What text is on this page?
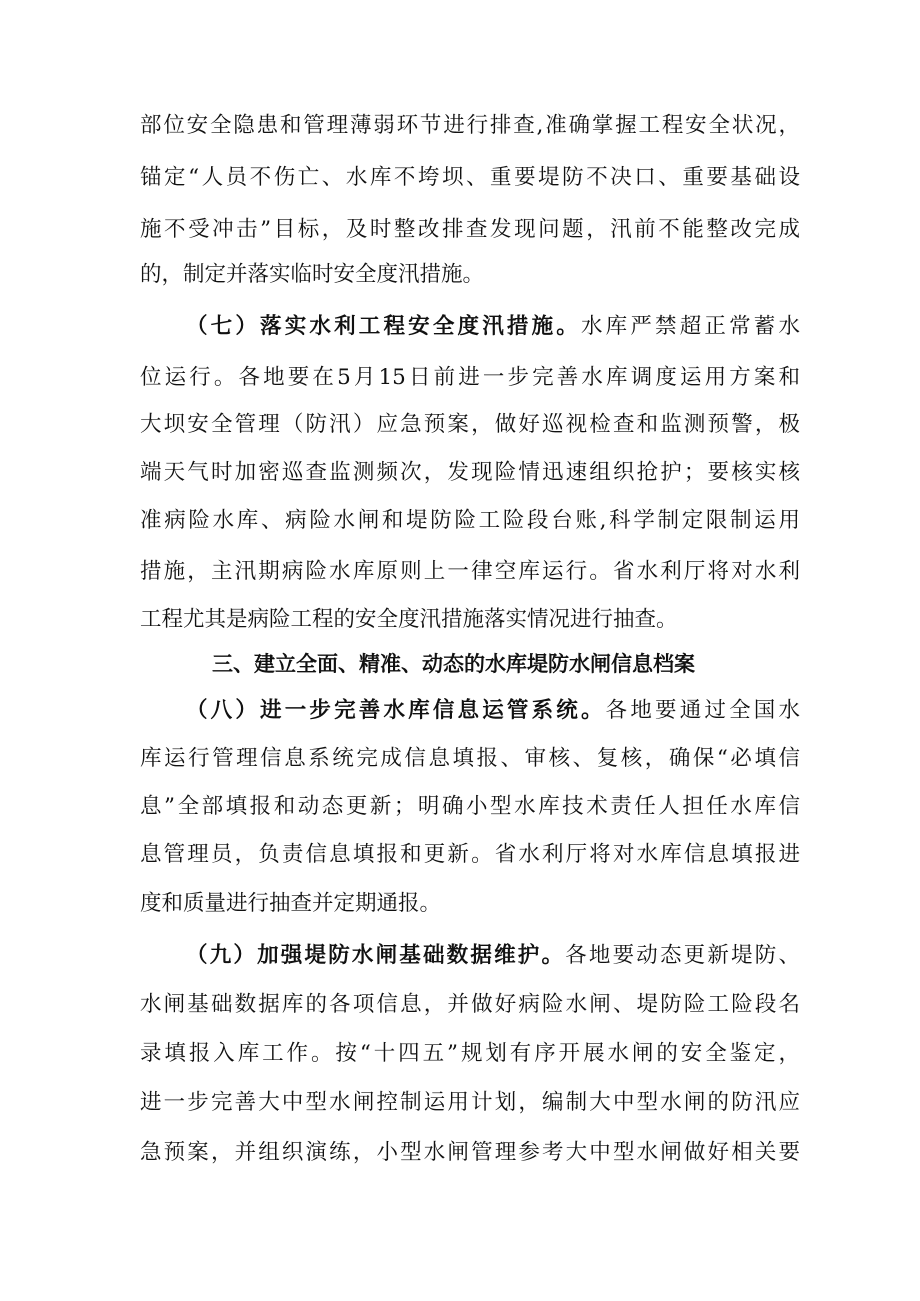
部位安全隐患和管理薄弱环节进行排查,准确掌握工程安全状况，
锚定“人员不伤亡、水库不垮坝、重要堤防不决口、重要基础设
施不受冲击”目标，及时整改排查发现问题，汛前不能整改完成
的，制定并落实临时安全度汛措施。
（七）落实水利工程安全度汛措施。水库严禁超正常蓄水
位运行。各地要在5月15日前进一步完善水库调度运用方案和
大坝安全管理（防汛）应急预案，做好巡视检查和监测预警，极
端天气时加密巡查监测频次，发现险情迅速组织抢护；要核实核
准病险水库、病险水闸和堤防险工险段台账,科学制定限制运用
措施，主汛期病险水库原则上一律空库运行。省水利厅将对水利
工程尤其是病险工程的安全度汛措施落实情况进行抽查。
三、建立全面、精准、动态的水库堤防水闸信息档案
（八）进一步完善水库信息运管系统。各地要通过全国水
库运行管理信息系统完成信息填报、审核、复核，确保“必填信
息”全部填报和动态更新；明确小型水库技术责任人担任水库信
息管理员，负责信息填报和更新。省水利厅将对水库信息填报进
度和质量进行抽查并定期通报。
（九）加强堤防水闸基础数据维护。各地要动态更新堤防、
水闸基础数据库的各项信息，并做好病险水闸、堤防险工险段名
录填报入库工作。按“十四五”规划有序开展水闸的安全鉴定，
进一步完善大中型水闸控制运用计划，编制大中型水闸的防汛应
急预案，并组织演练，小型水闸管理参考大中型水闸做好相关要
